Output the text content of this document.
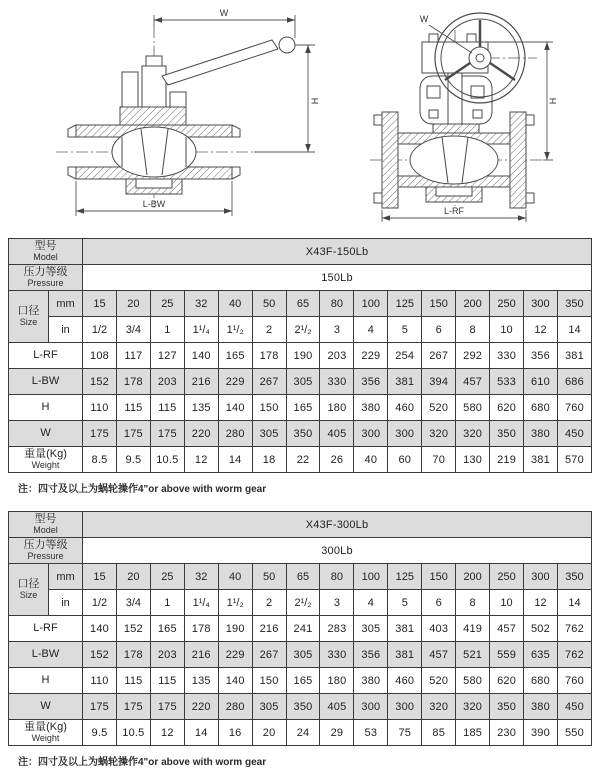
W
H
L-BW
W
H
L-RF
型号
Model		X43F-150Lb														

压力等级
Pressure		150Lb														

口径
Size	mm	15	20	25	32	40	50	65	80	100	125	150	200	250	300	350
	in	1/2	3/4	1	1¹/₄	1¹/₂	2	2¹/₂	3	4	5	6	8	10	12	14
L-RF		108	117	127	140	165	178	190	203	229	254	267	292	330	356	381
L-BW		152	178	203	216	229	267	305	330	356	381	394	457	533	610	686
H		110	115	115	135	140	150	165	180	380	460	520	580	620	680	760
W		175	175	175	220	280	305	350	405	300	300	320	320	350	380	450

重量(Kg)
Weight		8.5	9.5	10.5	12	14	18	22	26	40	60	70	130	219	381	570

注：四寸及以上为蜗轮操作4"or above with worm gear

型号
Model		X43F-300Lb														

压力等级
Pressure		300Lb														

口径
Size	mm	15	20	25	32	40	50	65	80	100	125	150	200	250	300	350
	in	1/2	3/4	1	1¹/₄	1¹/₂	2	2¹/₂	3	4	5	6	8	10	12	14
L-RF		140	152	165	178	190	216	241	283	305	381	403	419	457	502	762
L-BW		152	178	203	216	229	267	305	330	356	381	457	521	559	635	762
H		110	115	115	135	140	150	165	180	380	460	520	580	620	680	760
W		175	175	175	220	280	305	350	405	300	300	320	320	350	380	450

重量(Kg)
Weight		9.5	10.5	12	14	16	20	24	29	53	75	85	185	230	390	550

注：四寸及以上为蜗轮操作4"or above with worm gear
